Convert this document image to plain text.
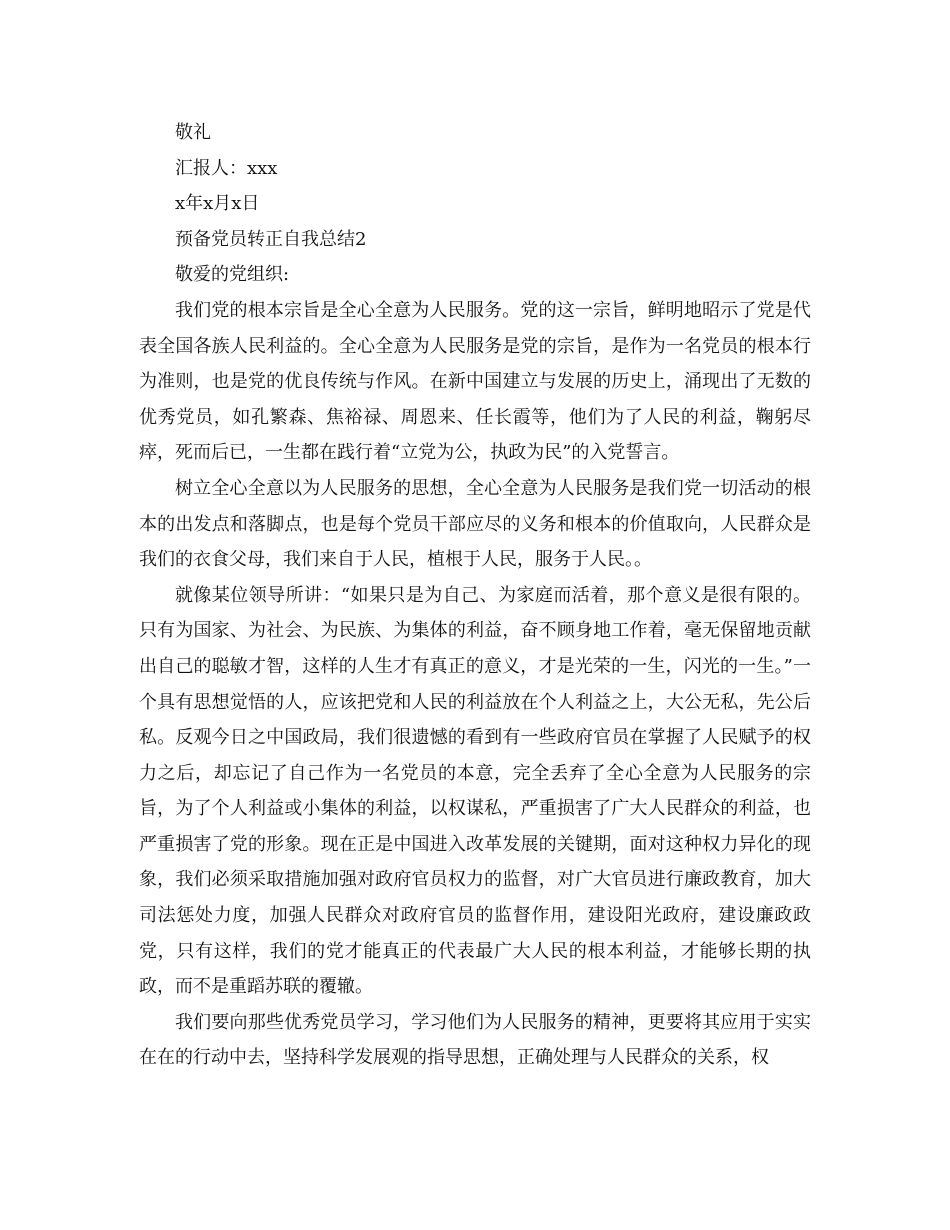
敬礼

汇报人：xxx

x年x月x日

预备党员转正自我总结2

敬爱的党组织:

我们党的根本宗旨是全心全意为人民服务。党的这一宗旨，鲜明地昭示了党是代表全国各族人民利益的。全心全意为人民服务是党的宗旨，是作为一名党员的根本行为准则，也是党的优良传统与作风。在新中国建立与发展的历史上，涌现出了无数的优秀党员，如孔繁森、焦裕禄、周恩来、任长霞等，他们为了人民的利益，鞠躬尽瘁，死而后已，一生都在践行着“立党为公，执政为民”的入党誓言。

树立全心全意以为人民服务的思想，全心全意为人民服务是我们党一切活动的根本的出发点和落脚点，也是每个党员干部应尽的义务和根本的价值取向，人民群众是我们的衣食父母，我们来自于人民，植根于人民，服务于人民。。

就像某位领导所讲：“如果只是为自己、为家庭而活着，那个意义是很有限的。只有为国家、为社会、为民族、为集体的利益，奋不顾身地工作着，毫无保留地贡献出自己的聪敏才智，这样的人生才有真正的意义，才是光荣的一生，闪光的一生。”一个具有思想觉悟的人，应该把党和人民的利益放在个人利益之上，大公无私，先公后私。反观今日之中国政局，我们很遗憾的看到有一些政府官员在掌握了人民赋予的权力之后，却忘记了自己作为一名党员的本意，完全丢弃了全心全意为人民服务的宗旨，为了个人利益或小集体的利益，以权谋私，严重损害了广大人民群众的利益，也严重损害了党的形象。现在正是中国进入改革发展的关键期，面对这种权力异化的现象，我们必须采取措施加强对政府官员权力的监督，对广大官员进行廉政教育，加大司法惩处力度，加强人民群众对政府官员的监督作用，建设阳光政府，建设廉政政党，只有这样，我们的党才能真正的代表最广大人民的根本利益，才能够长期的执政，而不是重蹈苏联的覆辙。

我们要向那些优秀党员学习，学习他们为人民服务的精神，更要将其应用于实实在在的行动中去，坚持科学发展观的指导思想，正确处理与人民群众的关系，权
